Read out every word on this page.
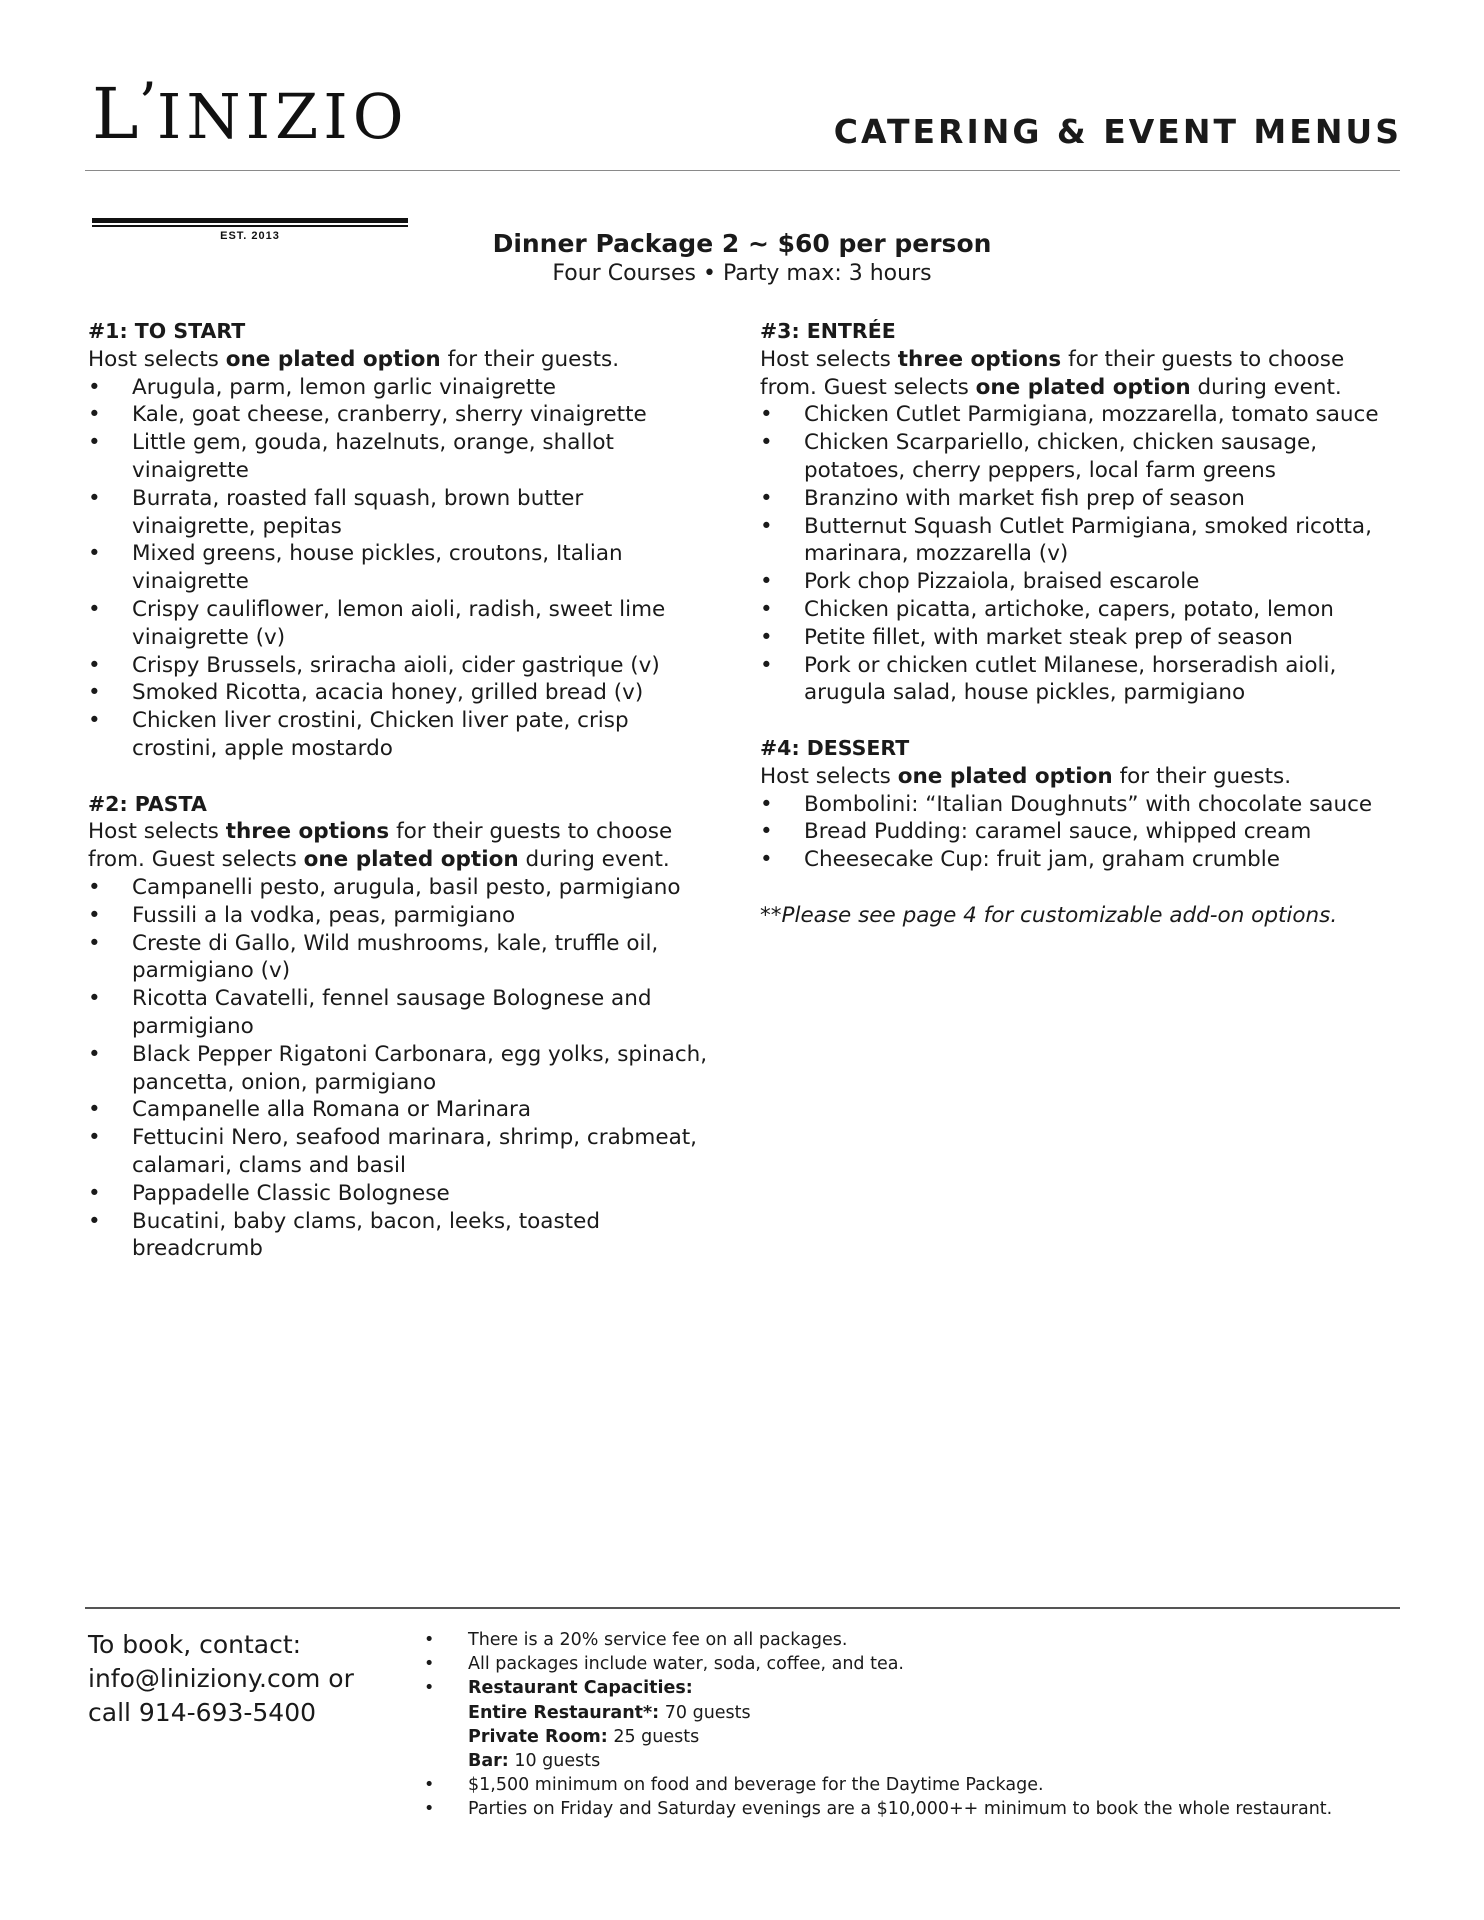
L’INIZIO
EST. 2013
CATERING & EVENT MENUS
Dinner Package 2 ~ $60 per person
Four Courses • Party max: 3 hours
#1: TO START
Host selects one plated option for their guests.
• Arugula, parm, lemon garlic vinaigrette
• Kale, goat cheese, cranberry, sherry vinaigrette
• Little gem, gouda, hazelnuts, orange, shallot vinaigrette
• Burrata, roasted fall squash, brown butter vinaigrette, pepitas
• Mixed greens, house pickles, croutons, Italian vinaigrette
• Crispy cauliflower, lemon aioli, radish, sweet lime vinaigrette (v)
• Crispy Brussels, sriracha aioli, cider gastrique (v)
• Smoked Ricotta, acacia honey, grilled bread (v)
• Chicken liver crostini, Chicken liver pate, crisp crostini, apple mostardo
#2: PASTA
Host selects three options for their guests to choose from. Guest selects one plated option during event.
• Campanelli pesto, arugula, basil pesto, parmigiano
• Fussili a la vodka, peas, parmigiano
• Creste di Gallo, Wild mushrooms, kale, truffle oil, parmigiano (v)
• Ricotta Cavatelli, fennel sausage Bolognese and parmigiano
• Black Pepper Rigatoni Carbonara, egg yolks, spinach, pancetta, onion, parmigiano
• Campanelle alla Romana or Marinara
• Fettucini Nero, seafood marinara, shrimp, crabmeat, calamari, clams and basil
• Pappadelle Classic Bolognese
• Bucatini, baby clams, bacon, leeks, toasted breadcrumb
#3: ENTRÉE
Host selects three options for their guests to choose from. Guest selects one plated option during event.
• Chicken Cutlet Parmigiana, mozzarella, tomato sauce
• Chicken Scarpariello, chicken, chicken sausage, potatoes, cherry peppers, local farm greens
• Branzino with market fish prep of season
• Butternut Squash Cutlet Parmigiana, smoked ricotta, marinara, mozzarella (v)
• Pork chop Pizzaiola, braised escarole
• Chicken picatta, artichoke, capers, potato, lemon
• Petite fillet, with market steak prep of season
• Pork or chicken cutlet Milanese, horseradish aioli, arugula salad, house pickles, parmigiano
#4: DESSERT
Host selects one plated option for their guests.
• Bombolini: “Italian Doughnuts” with chocolate sauce
• Bread Pudding: caramel sauce, whipped cream
• Cheesecake Cup: fruit jam, graham crumble
**Please see page 4 for customizable add-on options.
To book, contact:
info@liniziony.com or
call 914-693-5400
• There is a 20% service fee on all packages.
• All packages include water, soda, coffee, and tea.
• Restaurant Capacities:
Entire Restaurant*: 70 guests
Private Room: 25 guests
Bar: 10 guests
• $1,500 minimum on food and beverage for the Daytime Package.
• Parties on Friday and Saturday evenings are a $10,000++ minimum to book the whole restaurant.
